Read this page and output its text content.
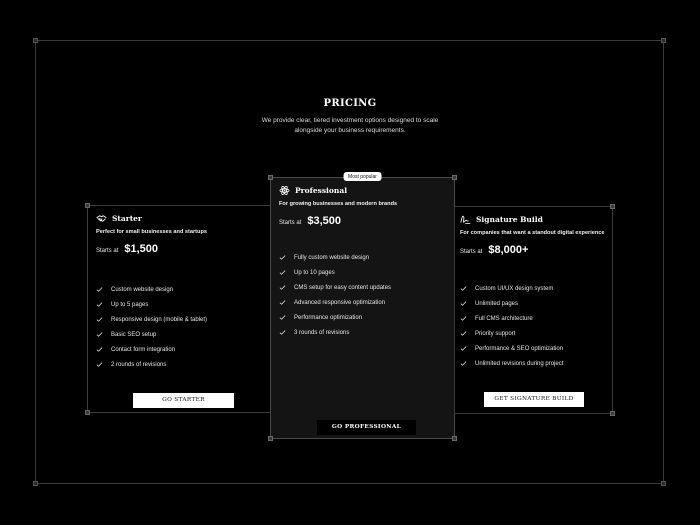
PRICING

We provide clear, tiered investment options designed to scale alongside your business requirements.

Starter
Perfect for small businesses and startups
Starts at $1,500
Custom website design
Up to 5 pages
Responsive design (mobile & tablet)
Basic SEO setup
Contact form integration
2 rounds of revisions
GO STARTER
Most popular
Professional
For growing businesses and modern brands
Starts at $3,500
Fully custom website design
Up to 10 pages
CMS setup for easy content updates
Advanced responsive optimization
Performance optimization
3 rounds of revisions
GO PROFESSIONAL
Signature Build
For companies that want a standout digital experience
Starts at $8,000+
Custom UI/UX design system
Unlimited pages
Full CMS architecture
Priority support
Performance & SEO optimization
Unlimited revisions during project
GET SIGNATURE BUILD
